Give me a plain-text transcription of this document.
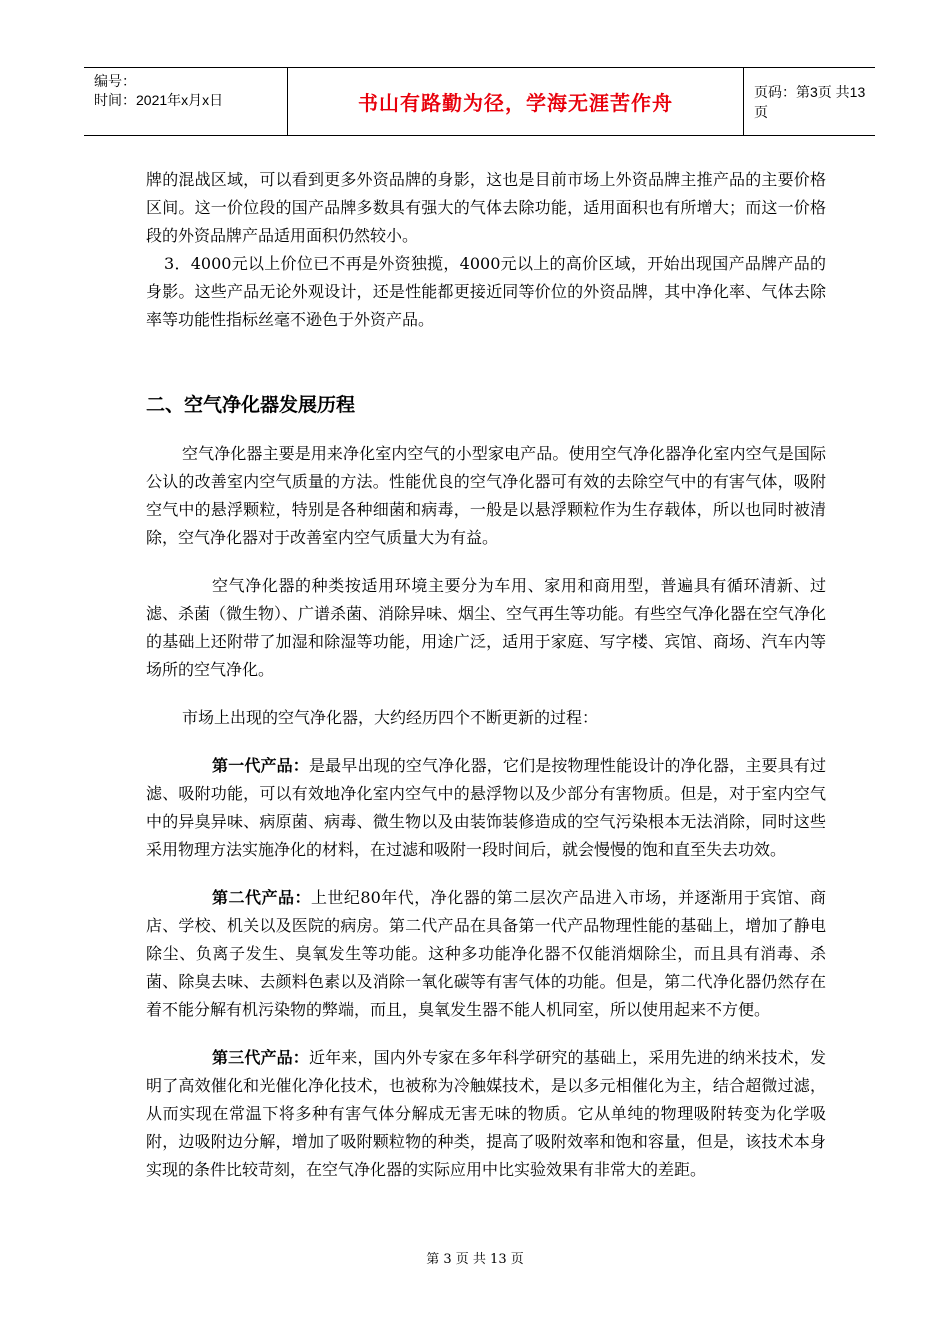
编号：
时间：2021年x月x日	书山有路勤为径，学海无涯苦作舟	页码：第3页 共13页

牌的混战区域，可以看到更多外资品牌的身影，这也是目前市场上外资品牌主推产品的主要价格区间。这一价位段的国产品牌多数具有强大的气体去除功能，适用面积也有所增大；而这一价格段的外资品牌产品适用面积仍然较小。

3．4000元以上价位已不再是外资独揽，4000元以上的高价区域，开始出现国产品牌产品的身影。这些产品无论外观设计，还是性能都更接近同等价位的外资品牌，其中净化率、气体去除率等功能性指标丝毫不逊色于外资产品。

二、空气净化器发展历程

空气净化器主要是用来净化室内空气的小型家电产品。使用空气净化器净化室内空气是国际公认的改善室内空气质量的方法。性能优良的空气净化器可有效的去除空气中的有害气体，吸附空气中的悬浮颗粒，特别是各种细菌和病毒，一般是以悬浮颗粒作为生存载体，所以也同时被清除，空气净化器对于改善室内空气质量大为有益。

空气净化器的种类按适用环境主要分为车用、家用和商用型，普遍具有循环清新、过滤、杀菌（微生物）、广谱杀菌、消除异味、烟尘、空气再生等功能。有些空气净化器在空气净化的基础上还附带了加湿和除湿等功能，用途广泛，适用于家庭、写字楼、宾馆、商场、汽车内等场所的空气净化。

市场上出现的空气净化器，大约经历四个不断更新的过程：

第一代产品：是最早出现的空气净化器，它们是按物理性能设计的净化器，主要具有过滤、吸附功能，可以有效地净化室内空气中的悬浮物以及少部分有害物质。但是，对于室内空气中的异臭异味、病原菌、病毒、微生物以及由装饰装修造成的空气污染根本无法消除，同时这些采用物理方法实施净化的材料，在过滤和吸附一段时间后，就会慢慢的饱和直至失去功效。

第二代产品：上世纪80年代，净化器的第二层次产品进入市场，并逐渐用于宾馆、商店、学校、机关以及医院的病房。第二代产品在具备第一代产品物理性能的基础上，增加了静电除尘、负离子发生、臭氧发生等功能。这种多功能净化器不仅能消烟除尘，而且具有消毒、杀菌、除臭去味、去颜料色素以及消除一氧化碳等有害气体的功能。但是，第二代净化器仍然存在着不能分解有机污染物的弊端，而且，臭氧发生器不能人机同室，所以使用起来不方便。

第三代产品：近年来，国内外专家在多年科学研究的基础上，采用先进的纳米技术，发明了高效催化和光催化净化技术，也被称为冷触媒技术，是以多元相催化为主，结合超微过滤，从而实现在常温下将多种有害气体分解成无害无味的物质。它从单纯的物理吸附转变为化学吸附，边吸附边分解，增加了吸附颗粒物的种类，提高了吸附效率和饱和容量，但是，该技术本身实现的条件比较苛刻，在空气净化器的实际应用中比实验效果有非常大的差距。

第 3 页 共 13 页
